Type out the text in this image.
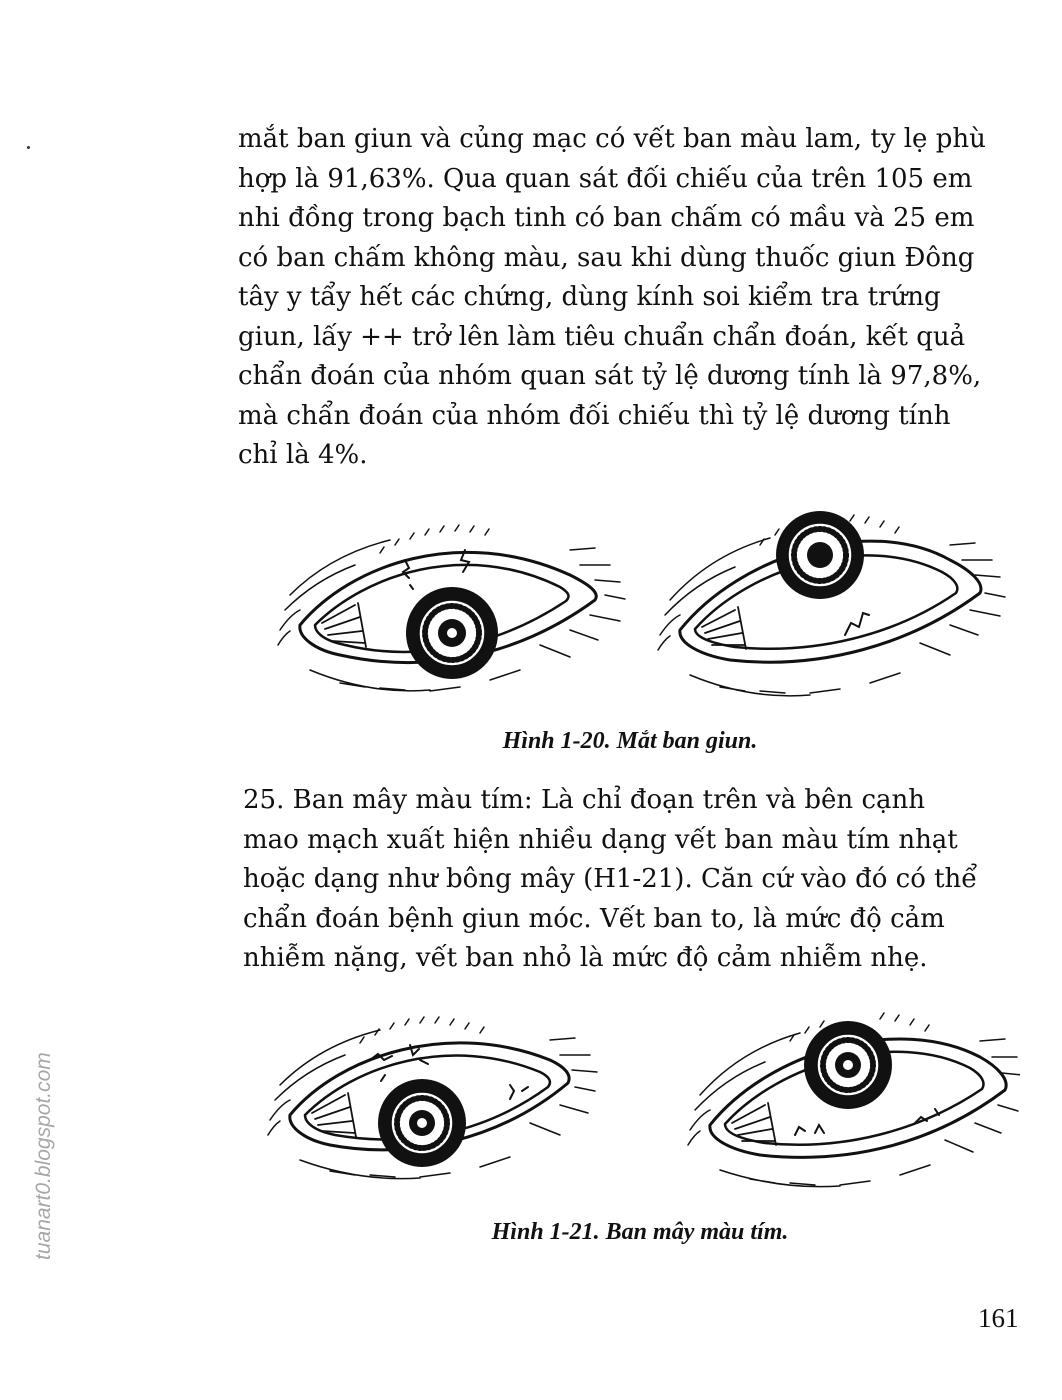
mắt ban giun và củng mạc có vết ban màu lam, ty lẹ phù
hợp là 91,63%. Qua quan sát đối chiếu của trên 105 em
nhi đồng trong bạch tinh có ban chấm có mầu và 25 em
có ban chấm không màu, sau khi dùng thuốc giun Đông
tây y tẩy hết các chứng, dùng kính soi kiểm tra trứng
giun, lấy ++ trở lên làm tiêu chuẩn chẩn đoán, kết quả
chẩn đoán của nhóm quan sát tỷ lệ dương tính là 97,8%,
mà chẩn đoán của nhóm đối chiếu thì tỷ lệ dương tính
chỉ là 4%.

Hình 1-20. Mắt ban giun.

25. Ban mây màu tím: Là chỉ đoạn trên và bên cạnh
mao mạch xuất hiện nhiều dạng vết ban màu tím nhạt
hoặc dạng như bông mây (H1-21). Căn cứ vào đó có thể
chẩn đoán bệnh giun móc. Vết ban to, là mức độ cảm
nhiễm nặng, vết ban nhỏ là mức độ cảm nhiễm nhẹ.

Hình 1-21. Ban mây màu tím.

161

tuanart0.blogspot.com
